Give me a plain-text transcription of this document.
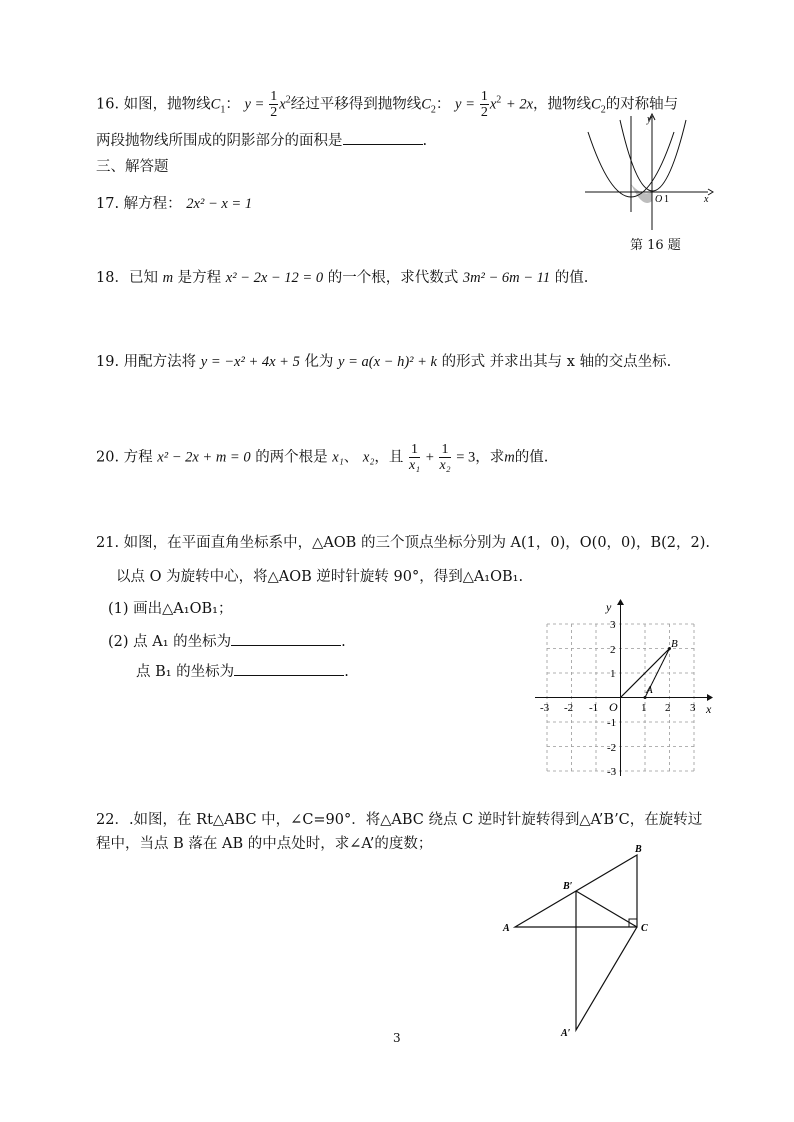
16. 如图，抛物线$C_1$： $y = \frac{1}{2} x^2$经过平移得到抛物线$C_2$： $y = \frac{1}{2} x^2 + 2x$，抛物线$C_2$的对称轴与
两段抛物线所围成的阴影部分的面积是	.
三、解答题
17. 解方程： 2x² − x = 1
y
x
O 1
第 16 题
18．已知 m 是方程 x² − 2x − 12 = 0 的一个根，求代数式 3m² − 6m − 11 的值.
19. 用配方法将 y = −x² + 4x + 5 化为 y = a(x − h)² + k 的形式 并求出其与 x 轴的交点坐标.
20. 方程 x² − 2x + m = 0 的两个根是 x₁、 x₂，且 $\frac{1}{\text{x₁}} + \frac{1}{\text{x₂}} = 3$，求m的值.
21. 如图，在平面直角坐标系中，△AOB 的三个顶点坐标分别为 A(1，0)，O(0，0)，B(2，2).
以点 O 为旋转中心，将△AOB 逆时针旋转 90°，得到△A₁OB₁.
(1) 画出△A₁OB₁；
(2) 点 A₁ 的坐标为	.
点 B₁ 的坐标为	.
y
x
O
A
B
-3 -2 -1	1 2 3
3
2
1
-1
-2
-3
22．.如图，在 Rt△ABC 中，∠C=90°．将△ABC 绕点 C 逆时针旋转得到△A’B’C，在旋转过
程中，当点 B 落在 AB 的中点处时，求∠A’的度数；
A
B
C
B′
A′
3
